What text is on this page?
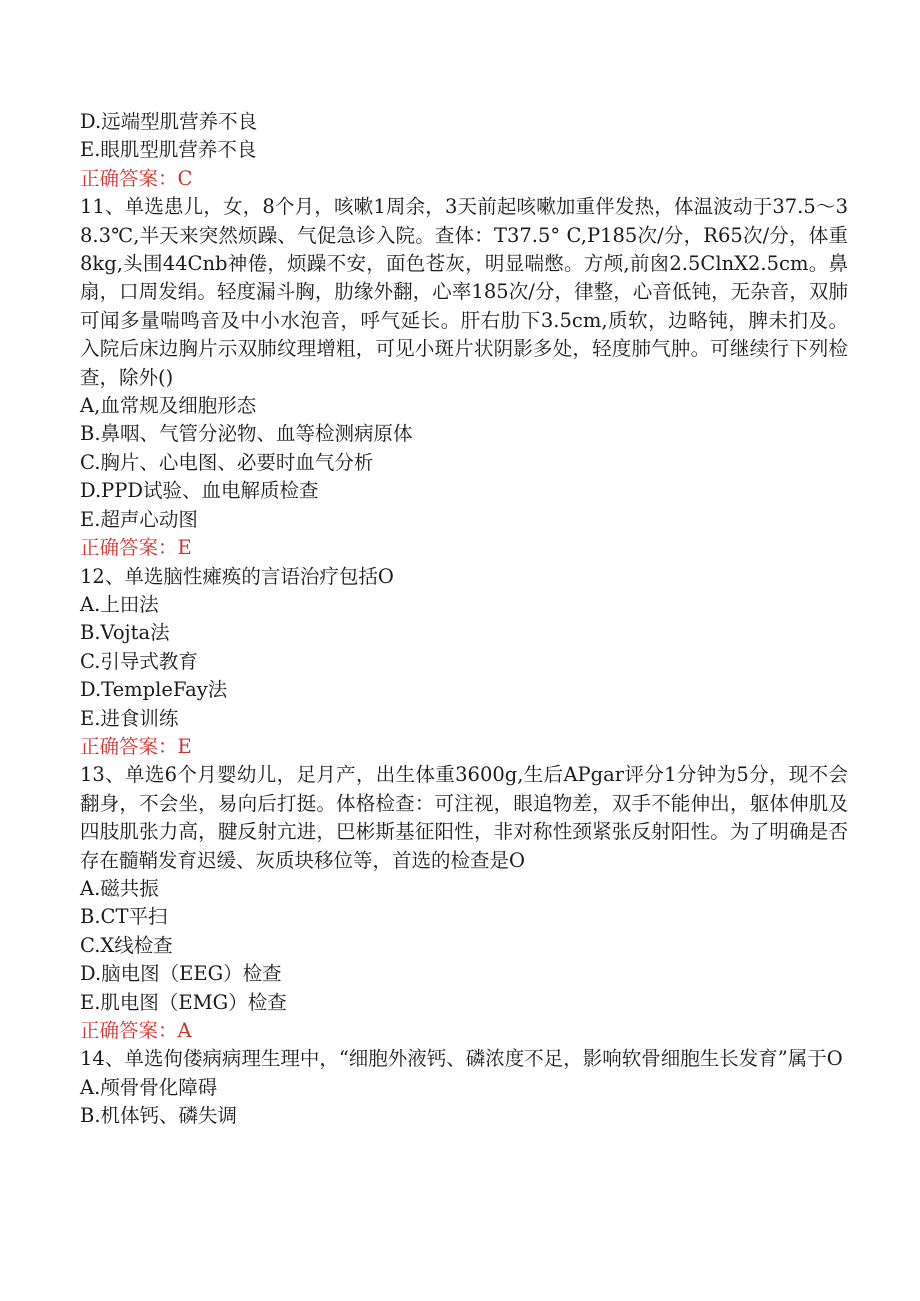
D.远端型肌营养不良

E.眼肌型肌营养不良

正确答案：C

11、单选患儿，女，8个月，咳嗽1周余，3天前起咳嗽加重伴发热，体温波动于37.5～38.3℃,半天来突然烦躁、气促急诊入院。查体：T37.5° C,P185次/分，R65次/分，体重8kg,头围44Cnb神倦，烦躁不安，面色苍灰，明显喘憋。方颅,前囪2.5ClnX2.5cm。鼻扇，口周发绢。轻度漏斗胸，肋缘外翻，心率185次/分，律整，心音低钝，无杂音，双肺可闻多量喘鸣音及中小水泡音，呼气延长。肝右肋下3.5cm,质软，边略钝，脾未扪及。入院后床边胸片示双肺纹理增粗，可见小斑片状阴影多处，轻度肺气肿。可继续行下列检查，除外()

A,血常规及细胞形态

B.鼻咽、气管分泌物、血等检测病原体

C.胸片、心电图、必要时血气分析

D.PPD试验、血电解质检查

E.超声心动图

正确答案：E

12、单选脑性瘫痪的言语治疗包括O

A.上田法

B.Vojta法

C.引导式教育

D.TempleFay法

E.进食训练

正确答案：E

13、单选6个月婴幼儿，足月产，出生体重3600g,生后APgar评分1分钟为5分，现不会翻身，不会坐，易向后打挺。体格检查：可注视，眼追物差，双手不能伸出，躯体伸肌及四肢肌张力高，腱反射亢进，巴彬斯基征阳性，非对称性颈紧张反射阳性。为了明确是否存在髓鞘发育迟缓、灰质块移位等，首选的检查是O

A.磁共振

B.CT平扫

C.X线检查

D.脑电图（EEG）检查

E.肌电图（EMG）检查

正确答案：A

14、单选佝偻病病理生理中，“细胞外液钙、磷浓度不足，影响软骨细胞生长发育”属于O

A.颅骨骨化障碍

B.机体钙、磷失调
